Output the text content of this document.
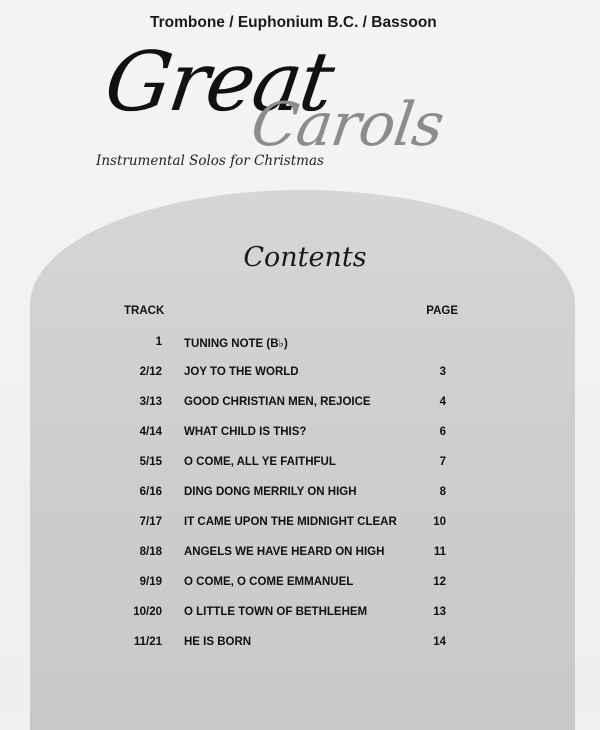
Trombone / Euphonium B.C. / Bassoon
Great
Carols
Instrumental Solos for Christmas
Contents
TRACK	PAGE
1 TUNING NOTE (B♭)
2/12 JOY TO THE WORLD	3
3/13 GOOD CHRISTIAN MEN, REJOICE	4
4/14 WHAT CHILD IS THIS?	6
5/15 O COME, ALL YE FAITHFUL	7
6/16 DING DONG MERRILY ON HIGH	8
7/17 IT CAME UPON THE MIDNIGHT CLEAR	10
8/18 ANGELS WE HAVE HEARD ON HIGH	11
9/19 O COME, O COME EMMANUEL	12
10/20 O LITTLE TOWN OF BETHLEHEM	13
11/21 HE IS BORN	14
